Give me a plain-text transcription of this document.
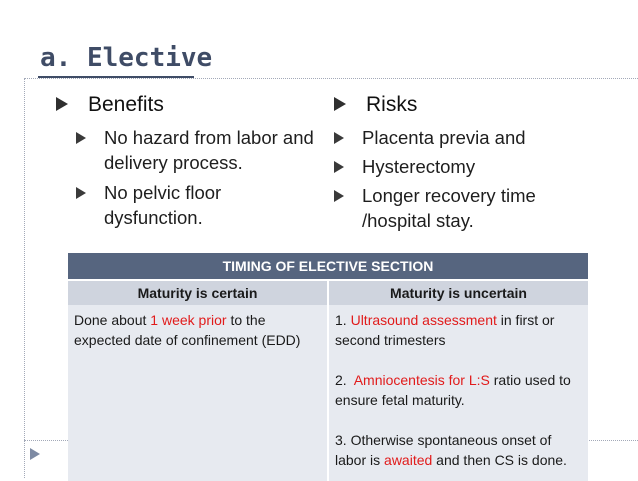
a. Elective
Benefits
No hazard from labor and delivery process.
No pelvic floor dysfunction.
Risks
Placenta previa and
Hysterectomy
Longer recovery time /hospital stay.
TIMING OF ELECTIVE SECTION	
Maturity is certain	Maturity is uncertain
Done about 1 week prior to the expected date of confinement (EDD)	1. Ultrasound assessment in first or second trimesters

2.  Amniocentesis for L:S ratio used to ensure fetal maturity.

3. Otherwise spontaneous onset of labor is awaited and then CS is done.
